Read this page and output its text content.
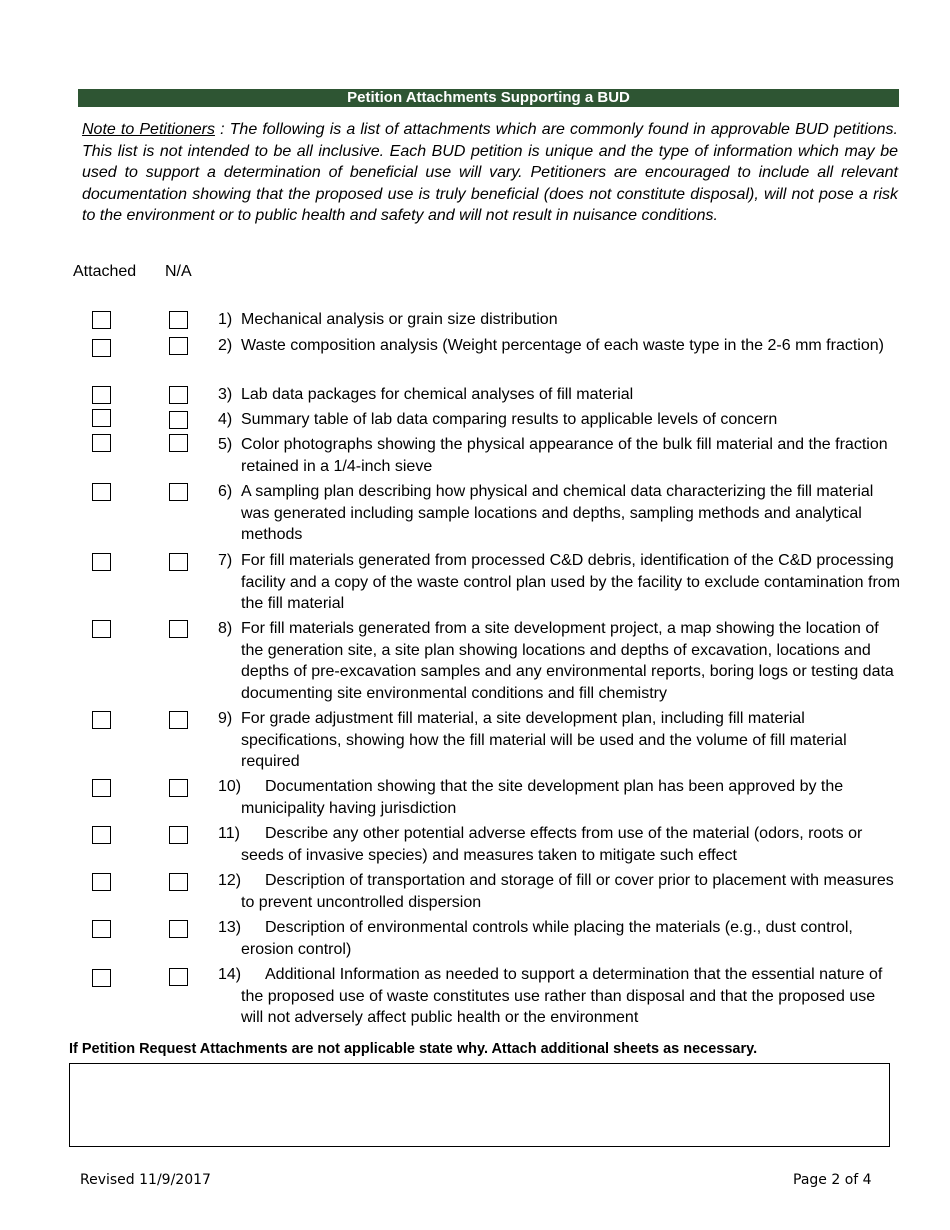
Petition Attachments Supporting a BUD
Note to Petitioners : The following is a list of attachments which are commonly found in approvable BUD petitions. This list is not intended to be all inclusive. Each BUD petition is unique and the type of information which may be used to support a determination of beneficial use will vary. Petitioners are encouraged to include all relevant documentation showing that the proposed use is truly beneficial (does not constitute disposal), will not pose a risk to the environment or to public health and safety and will not result in nuisance conditions.
Attached N/A
1) Mechanical analysis or grain size distribution
2) Waste composition analysis (Weight percentage of each waste type in the 2-6 mm fraction)
3) Lab data packages for chemical analyses of fill material
4) Summary table of lab data comparing results to applicable levels of concern
5) Color photographs showing the physical appearance of the bulk fill material and the fraction retained in a 1/4-inch sieve
6) A sampling plan describing how physical and chemical data characterizing the fill material was generated including sample locations and depths, sampling methods and analytical methods
7) For fill materials generated from processed C&D debris, identification of the C&D processing facility and a copy of the waste control plan used by the facility to exclude contamination from the fill material
8) For fill materials generated from a site development project, a map showing the location of the generation site, a site plan showing locations and depths of excavation, locations and depths of pre-excavation samples and any environmental reports, boring logs or testing data documenting site environmental conditions and fill chemistry
9) For grade adjustment fill material, a site development plan, including fill material specifications, showing how the fill material will be used and the volume of fill material required
10)	Documentation showing that the site development plan has been approved by the municipality having jurisdiction
11)	Describe any other potential adverse effects from use of the material (odors, roots or seeds of invasive species) and measures taken to mitigate such effect
12)	Description of transportation and storage of fill or cover prior to placement with measures to prevent uncontrolled dispersion
13)	Description of environmental controls while placing the materials (e.g., dust control, erosion control)
14)	Additional Information as needed to support a determination that the essential nature of the proposed use of waste constitutes use rather than disposal and that the proposed use will not adversely affect public health or the environment
If Petition Request Attachments are not applicable state why. Attach additional sheets as necessary.
Revised 11/9/2017	Page 2 of 4
